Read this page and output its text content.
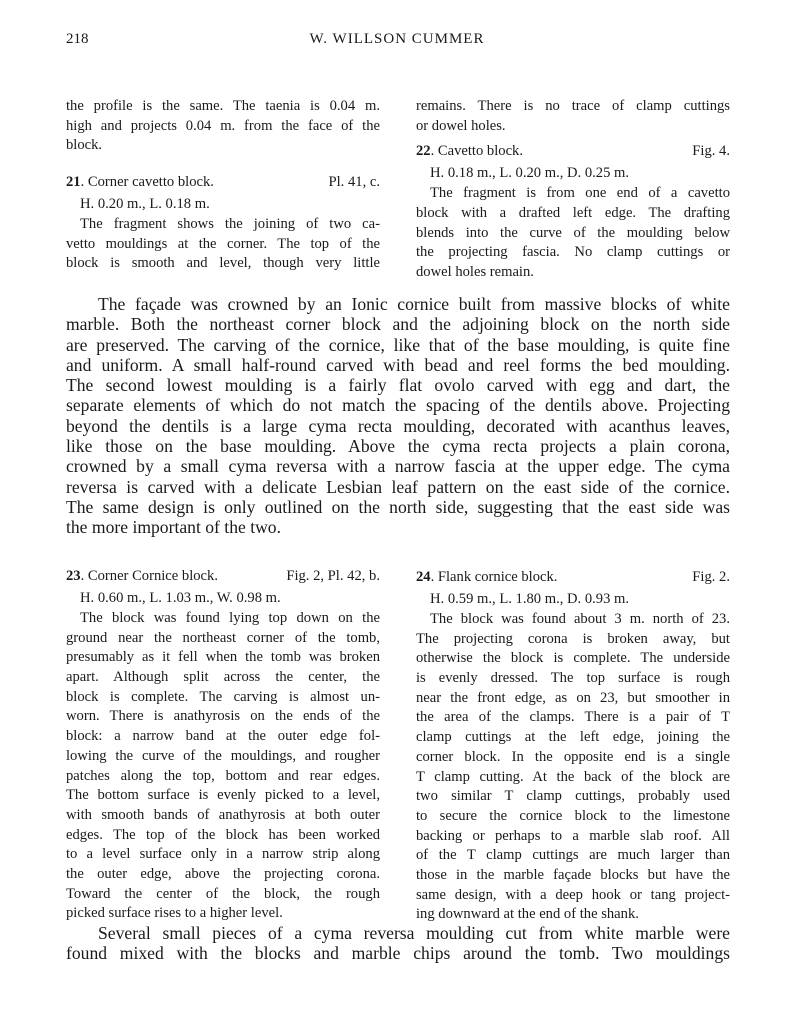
218	W. WILLSON CUMMER
the profile is the same. The taenia is 0.04 m.
high and projects 0.04 m. from the face of the
block.
21. Corner cavetto block.	Pl. 41, c.
H. 0.20 m., L. 0.18 m.
The fragment shows the joining of two ca-
vetto mouldings at the corner. The top of the
block is smooth and level, though very little
remains. There is no trace of clamp cuttings
or dowel holes.
22. Cavetto block.	Fig. 4.
H. 0.18 m., L. 0.20 m., D. 0.25 m.
The fragment is from one end of a cavetto
block with a drafted left edge. The drafting
blends into the curve of the moulding below
the projecting fascia. No clamp cuttings or
dowel holes remain.
The façade was crowned by an Ionic cornice built from massive blocks of white
marble. Both the northeast corner block and the adjoining block on the north side
are preserved. The carving of the cornice, like that of the base moulding, is quite fine
and uniform. A small half-round carved with bead and reel forms the bed moulding.
The second lowest moulding is a fairly flat ovolo carved with egg and dart, the
separate elements of which do not match the spacing of the dentils above. Projecting
beyond the dentils is a large cyma recta moulding, decorated with acanthus leaves,
like those on the base moulding. Above the cyma recta projects a plain corona,
crowned by a small cyma reversa with a narrow fascia at the upper edge. The cyma
reversa is carved with a delicate Lesbian leaf pattern on the east side of the cornice.
The same design is only outlined on the north side, suggesting that the east side was
the more important of the two.
23. Corner Cornice block.	Fig. 2, Pl. 42, b.
H. 0.60 m., L. 1.03 m., W. 0.98 m.
The block was found lying top down on the
ground near the northeast corner of the tomb,
presumably as it fell when the tomb was broken
apart. Although split across the center, the
block is complete. The carving is almost un-
worn. There is anathyrosis on the ends of the
block: a narrow band at the outer edge fol-
lowing the curve of the mouldings, and rougher
patches along the top, bottom and rear edges.
The bottom surface is evenly picked to a level,
with smooth bands of anathyrosis at both outer
edges. The top of the block has been worked
to a level surface only in a narrow strip along
the outer edge, above the projecting corona.
Toward the center of the block, the rough
picked surface rises to a higher level.
24. Flank cornice block.	Fig. 2.
H. 0.59 m., L. 1.80 m., D. 0.93 m.
The block was found about 3 m. north of 23.
The projecting corona is broken away, but
otherwise the block is complete. The underside
is evenly dressed. The top surface is rough
near the front edge, as on 23, but smoother in
the area of the clamps. There is a pair of T
clamp cuttings at the left edge, joining the
corner block. In the opposite end is a single
T clamp cutting. At the back of the block are
two similar T clamp cuttings, probably used
to secure the cornice block to the limestone
backing or perhaps to a marble slab roof. All
of the T clamp cuttings are much larger than
those in the marble façade blocks but have the
same design, with a deep hook or tang project-
ing downward at the end of the shank.
Several small pieces of a cyma reversa moulding cut from white marble were
found mixed with the blocks and marble chips around the tomb. Two mouldings
